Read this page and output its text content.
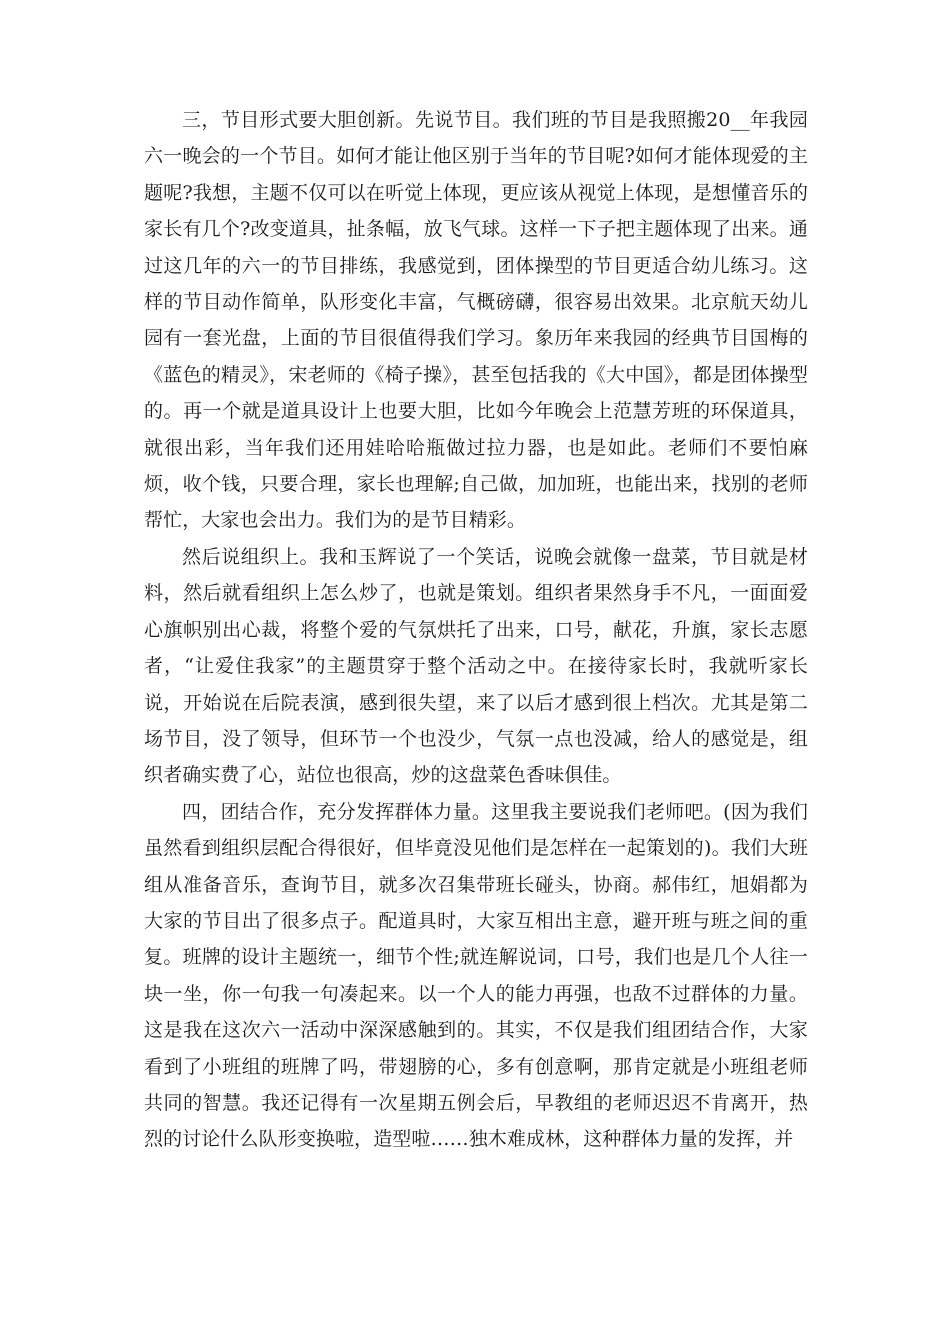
三，节目形式要大胆创新。先说节目。我们班的节目是我照搬20__年我园六一晚会的一个节目。如何才能让他区别于当年的节目呢?如何才能体现爱的主题呢?我想，主题不仅可以在听觉上体现，更应该从视觉上体现，是想懂音乐的家长有几个?改变道具，扯条幅，放飞气球。这样一下子把主题体现了出来。通过这几年的六一的节目排练，我感觉到，团体操型的节目更适合幼儿练习。这样的节目动作简单，队形变化丰富，气概磅礴，很容易出效果。北京航天幼儿园有一套光盘，上面的节目很值得我们学习。象历年来我园的经典节目国梅的《蓝色的精灵》，宋老师的《椅子操》，甚至包括我的《大中国》，都是团体操型的。再一个就是道具设计上也要大胆，比如今年晚会上范慧芳班的环保道具，就很出彩，当年我们还用娃哈哈瓶做过拉力器，也是如此。老师们不要怕麻烦，收个钱，只要合理，家长也理解;自己做，加加班，也能出来，找别的老师帮忙，大家也会出力。我们为的是节目精彩。

然后说组织上。我和玉辉说了一个笑话，说晚会就像一盘菜，节目就是材料，然后就看组织上怎么炒了，也就是策划。组织者果然身手不凡，一面面爱心旗帜别出心裁，将整个爱的气氛烘托了出来，口号，献花，升旗，家长志愿者，“让爱住我家”的主题贯穿于整个活动之中。在接待家长时，我就听家长说，开始说在后院表演，感到很失望，来了以后才感到很上档次。尤其是第二场节目，没了领导，但环节一个也没少，气氛一点也没减，给人的感觉是，组织者确实费了心，站位也很高，炒的这盘菜色香味俱佳。

四，团结合作，充分发挥群体力量。这里我主要说我们老师吧。(因为我们虽然看到组织层配合得很好，但毕竟没见他们是怎样在一起策划的)。我们大班组从准备音乐，查询节目，就多次召集带班长碰头，协商。郝伟红，旭娟都为大家的节目出了很多点子。配道具时，大家互相出主意，避开班与班之间的重复。班牌的设计主题统一，细节个性;就连解说词，口号，我们也是几个人往一块一坐，你一句我一句凑起来。以一个人的能力再强，也敌不过群体的力量。这是我在这次六一活动中深深感触到的。其实，不仅是我们组团结合作，大家看到了小班组的班牌了吗，带翅膀的心，多有创意啊，那肯定就是小班组老师共同的智慧。我还记得有一次星期五例会后，早教组的老师迟迟不肯离开，热烈的讨论什么队形变换啦，造型啦……独木难成林，这种群体力量的发挥，并
